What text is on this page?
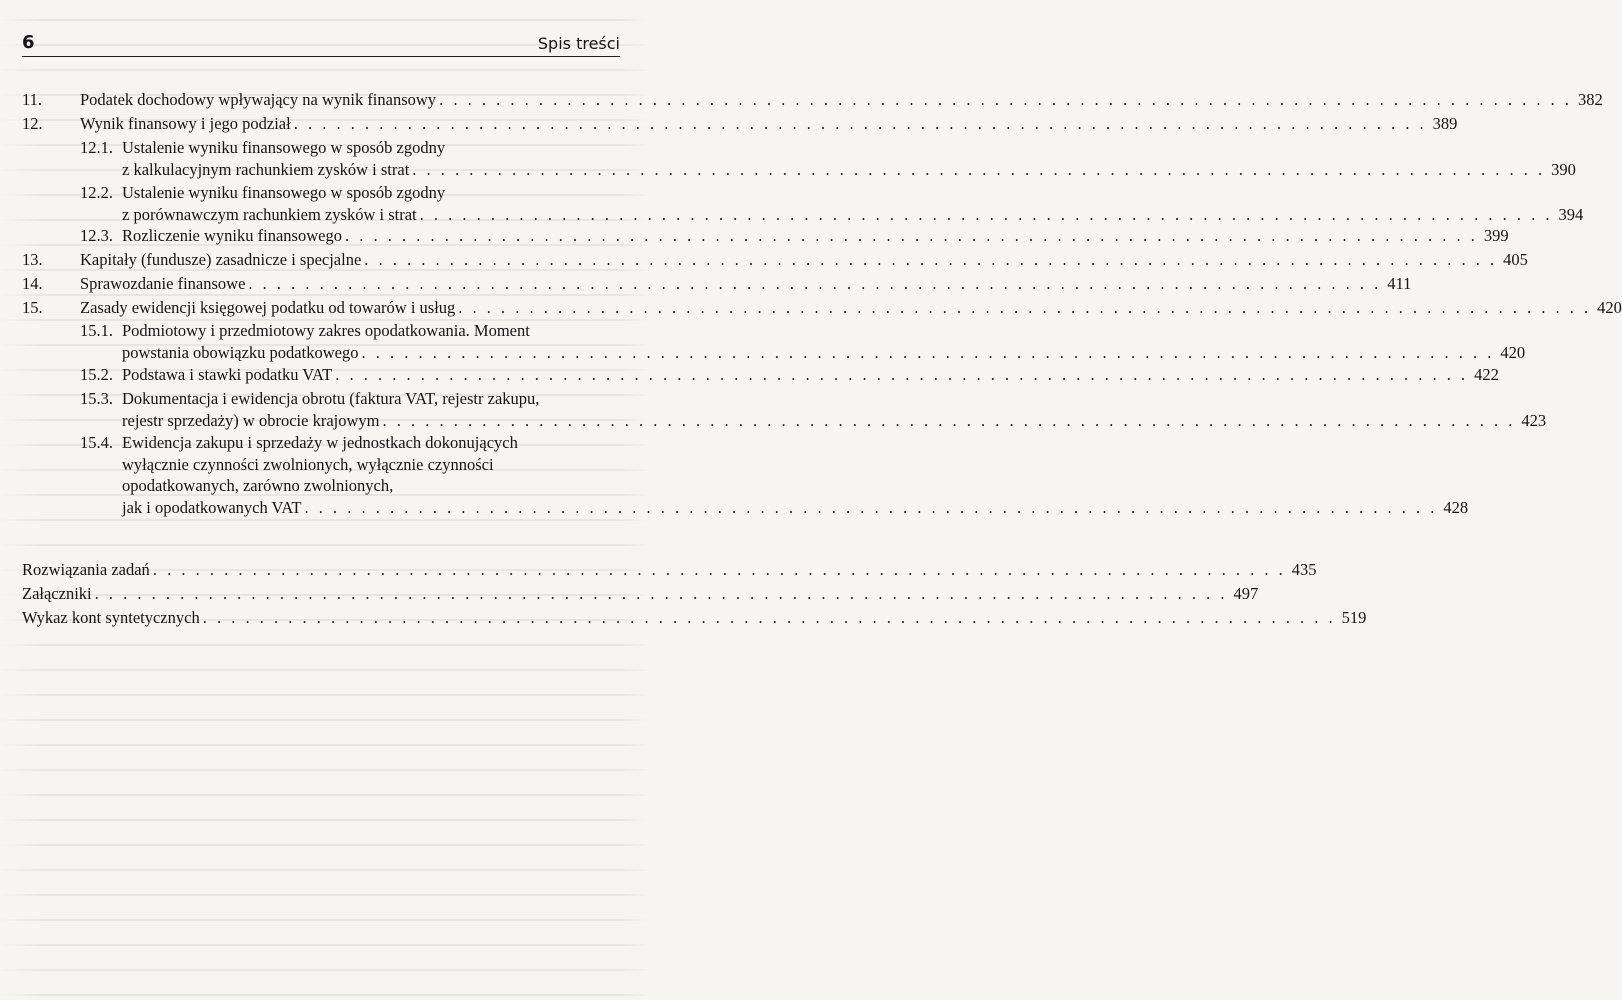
6	Spis treści
11. Podatek dochodowy wpływający na wynik finansowy . . . . . . . . . . . . . . . . . . . . . . . . . . . . . . . . . . . . . . . . . . . . . . . . . . . . . . . . . . . . . . . . . . . . . . . . . . . . . . . . 382
12. Wynik finansowy i jego podział . . . . . . . . . . . . . . . . . . . . . . . . . . . . . . . . . . . . . . . . . . . . . . . . . . . . . . . . . . . . . . . . . . . . . . . . . . . . . . . . 389
12.1. Ustalenie wyniku finansowego w sposób zgodny
z kalkulacyjnym rachunkiem zysków i strat . . . . . . . . . . . . . . . . . . . . . . . . . . . . . . . . . . . . . . . . . . . . . . . . . . . . . . . . . . . . . . . . . . . . . . . . . . . . . . . . 390
12.2. Ustalenie wyniku finansowego w sposób zgodny
z porównawczym rachunkiem zysków i strat . . . . . . . . . . . . . . . . . . . . . . . . . . . . . . . . . . . . . . . . . . . . . . . . . . . . . . . . . . . . . . . . . . . . . . . . . . . . . . . . 394
12.3. Rozliczenie wyniku finansowego . . . . . . . . . . . . . . . . . . . . . . . . . . . . . . . . . . . . . . . . . . . . . . . . . . . . . . . . . . . . . . . . . . . . . . . . . . . . . . . . 399
13. Kapitały (fundusze) zasadnicze i specjalne . . . . . . . . . . . . . . . . . . . . . . . . . . . . . . . . . . . . . . . . . . . . . . . . . . . . . . . . . . . . . . . . . . . . . . . . . . . . . . . . 405
14. Sprawozdanie finansowe . . . . . . . . . . . . . . . . . . . . . . . . . . . . . . . . . . . . . . . . . . . . . . . . . . . . . . . . . . . . . . . . . . . . . . . . . . . . . . . . 411
15. Zasady ewidencji księgowej podatku od towarów i usług . . . . . . . . . . . . . . . . . . . . . . . . . . . . . . . . . . . . . . . . . . . . . . . . . . . . . . . . . . . . . . . . . . . . . . . . . . . . . . . . 420
15.1. Podmiotowy i przedmiotowy zakres opodatkowania. Moment
powstania obowiązku podatkowego . . . . . . . . . . . . . . . . . . . . . . . . . . . . . . . . . . . . . . . . . . . . . . . . . . . . . . . . . . . . . . . . . . . . . . . . . . . . . . . . 420
15.2. Podstawa i stawki podatku VAT . . . . . . . . . . . . . . . . . . . . . . . . . . . . . . . . . . . . . . . . . . . . . . . . . . . . . . . . . . . . . . . . . . . . . . . . . . . . . . . . 422
15.3. Dokumentacja i ewidencja obrotu (faktura VAT, rejestr zakupu,
rejestr sprzedaży) w obrocie krajowym . . . . . . . . . . . . . . . . . . . . . . . . . . . . . . . . . . . . . . . . . . . . . . . . . . . . . . . . . . . . . . . . . . . . . . . . . . . . . . . . 423
15.4. Ewidencja zakupu i sprzedaży w jednostkach dokonujących
wyłącznie czynności zwolnionych, wyłącznie czynności
opodatkowanych, zarówno zwolnionych,
jak i opodatkowanych VAT . . . . . . . . . . . . . . . . . . . . . . . . . . . . . . . . . . . . . . . . . . . . . . . . . . . . . . . . . . . . . . . . . . . . . . . . . . . . . . . . 428
Rozwiązania zadań . . . . . . . . . . . . . . . . . . . . . . . . . . . . . . . . . . . . . . . . . . . . . . . . . . . . . . . . . . . . . . . . . . . . . . . . . . . . . . . . 435
Załączniki . . . . . . . . . . . . . . . . . . . . . . . . . . . . . . . . . . . . . . . . . . . . . . . . . . . . . . . . . . . . . . . . . . . . . . . . . . . . . . . . 497
Wykaz kont syntetycznych . . . . . . . . . . . . . . . . . . . . . . . . . . . . . . . . . . . . . . . . . . . . . . . . . . . . . . . . . . . . . . . . . . . . . . . . . . . . . . . . 519
